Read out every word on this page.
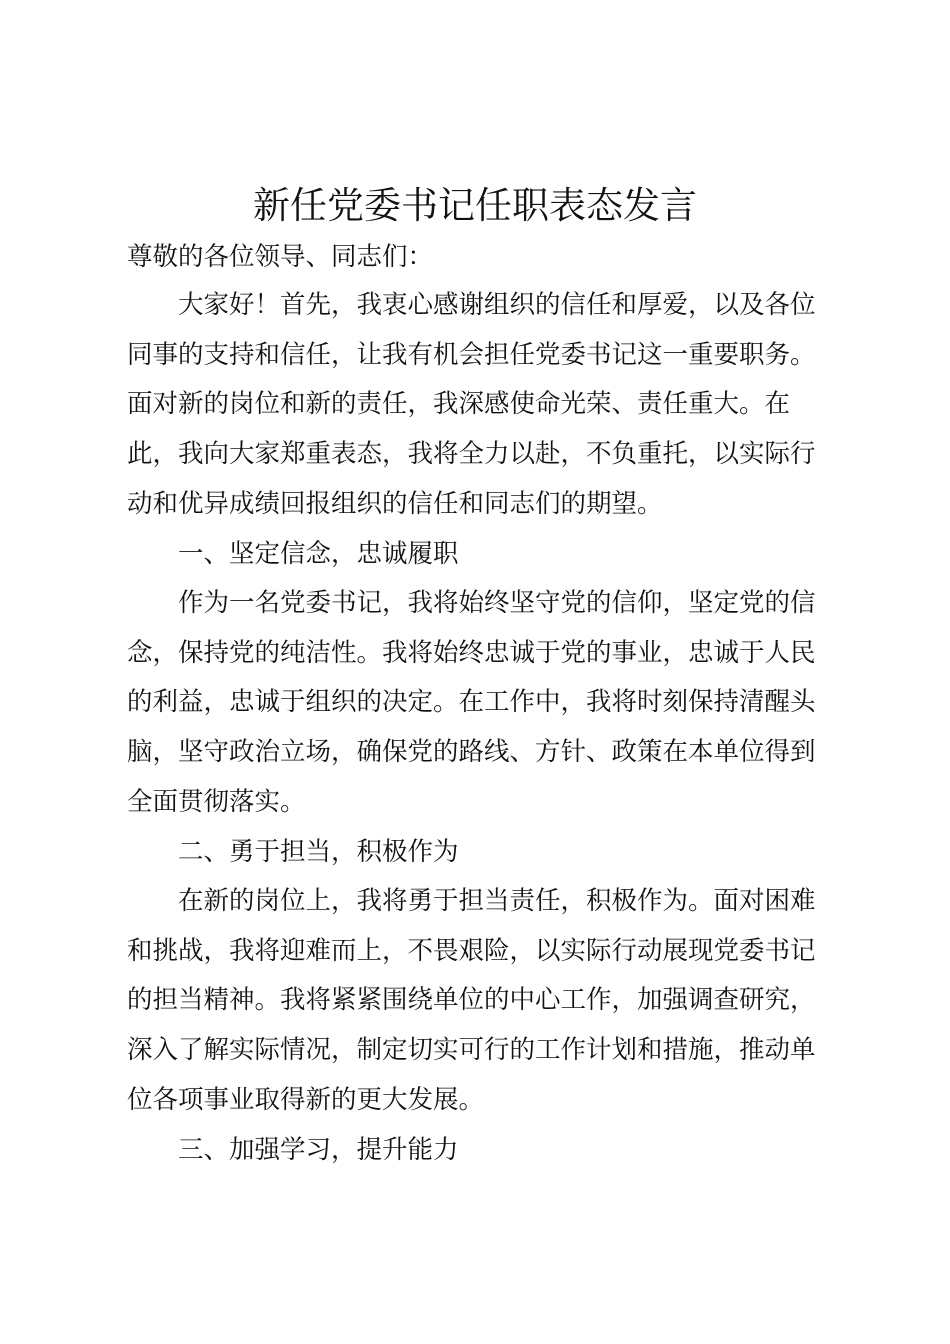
新任党委书记任职表态发言

尊敬的各位领导、同志们：

大家好！首先，我衷心感谢组织的信任和厚爱，以及各位同事的支持和信任，让我有机会担任党委书记这一重要职务。面对新的岗位和新的责任，我深感使命光荣、责任重大。在此，我向大家郑重表态，我将全力以赴，不负重托，以实际行动和优异成绩回报组织的信任和同志们的期望。

一、坚定信念，忠诚履职

作为一名党委书记，我将始终坚守党的信仰，坚定党的信念，保持党的纯洁性。我将始终忠诚于党的事业，忠诚于人民的利益，忠诚于组织的决定。在工作中，我将时刻保持清醒头脑，坚守政治立场，确保党的路线、方针、政策在本单位得到全面贯彻落实。

二、勇于担当，积极作为

在新的岗位上，我将勇于担当责任，积极作为。面对困难和挑战，我将迎难而上，不畏艰险，以实际行动展现党委书记的担当精神。我将紧紧围绕单位的中心工作，加强调查研究，深入了解实际情况，制定切实可行的工作计划和措施，推动单位各项事业取得新的更大发展。

三、加强学习，提升能力
